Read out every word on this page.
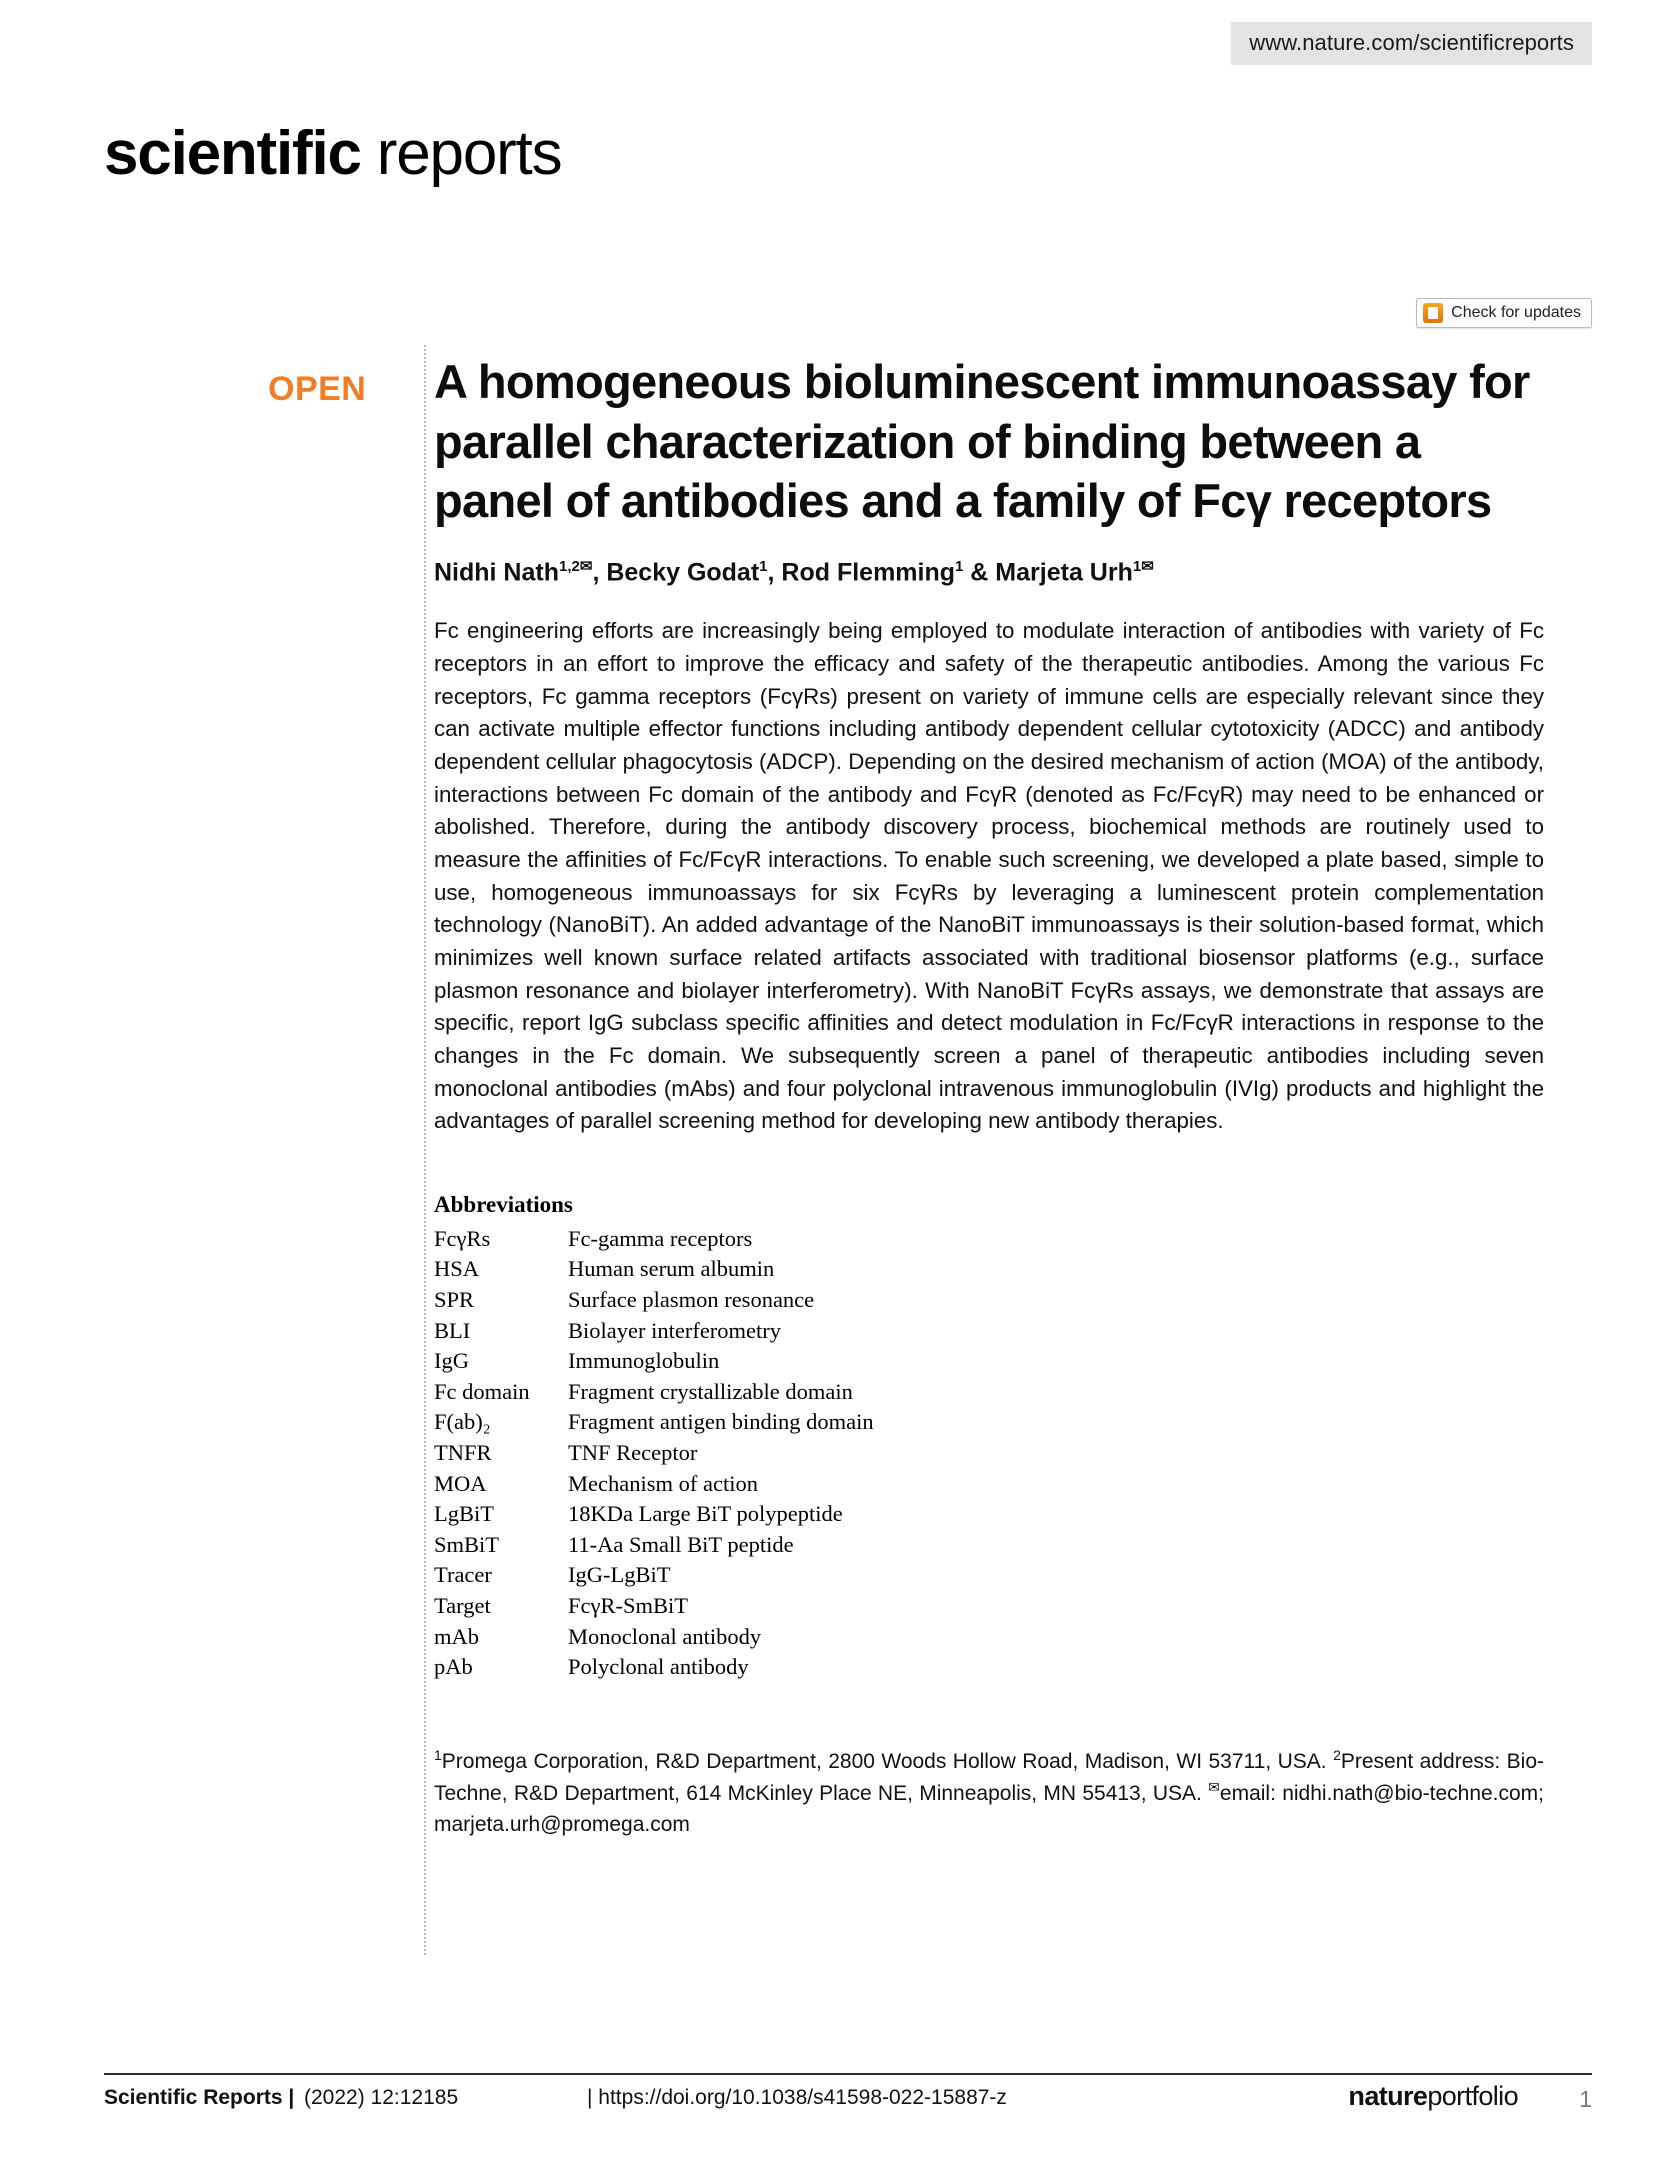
www.nature.com/scientificreports
scientific reports
Check for updates
OPEN A homogeneous bioluminescent immunoassay for parallel characterization of binding between a panel of antibodies and a family of Fcγ receptors
Nidhi Nath$^{1,2✉}$, Becky Godat$^1$, Rod Flemming$^1$ & Marjeta Urh$^{1✉}$

Fc engineering efforts are increasingly being employed to modulate interaction of antibodies with variety of Fc receptors in an effort to improve the efficacy and safety of the therapeutic antibodies. Among the various Fc receptors, Fc gamma receptors (FcγRs) present on variety of immune cells are especially relevant since they can activate multiple effector functions including antibody dependent cellular cytotoxicity (ADCC) and antibody dependent cellular phagocytosis (ADCP). Depending on the desired mechanism of action (MOA) of the antibody, interactions between Fc domain of the antibody and FcγR (denoted as Fc/FcγR) may need to be enhanced or abolished. Therefore, during the antibody discovery process, biochemical methods are routinely used to measure the affinities of Fc/FcγR interactions. To enable such screening, we developed a plate based, simple to use, homogeneous immunoassays for six FcγRs by leveraging a luminescent protein complementation technology (NanoBiT). An added advantage of the NanoBiT immunoassays is their solution-based format, which minimizes well known surface related artifacts associated with traditional biosensor platforms (e.g., surface plasmon resonance and biolayer interferometry). With NanoBiT FcγRs assays, we demonstrate that assays are specific, report IgG subclass specific affinities and detect modulation in Fc/FcγR interactions in response to the changes in the Fc domain. We subsequently screen a panel of therapeutic antibodies including seven monoclonal antibodies (mAbs) and four polyclonal intravenous immunoglobulin (IVIg) products and highlight the advantages of parallel screening method for developing new antibody therapies.

Abbreviations
FcγRs	Fc-gamma receptors
HSA	Human serum albumin
SPR	Surface plasmon resonance
BLI	Biolayer interferometry
IgG	Immunoglobulin
Fc domain	Fragment crystallizable domain
F(ab)₂	Fragment antigen binding domain
TNFR	TNF Receptor
MOA	Mechanism of action
LgBiT	18KDa Large BiT polypeptide
SmBiT	11-Aa Small BiT peptide
Tracer	IgG-LgBiT
Target	FcγR-SmBiT
mAb	Monoclonal antibody
pAb	Polyclonal antibody
$^1$Promega Corporation, R&D Department, 2800 Woods Hollow Road, Madison, WI 53711, USA. $^2$Present address: Bio-Techne, R&D Department, 614 McKinley Place NE, Minneapolis, MN 55413, USA. ✉email: nidhi.nath@bio-techne.com; marjeta.urh@promega.com
Scientific Reports | (2022) 12:12185	| https://doi.org/10.1038/s41598-022-15887-z	natureportfolio	1
